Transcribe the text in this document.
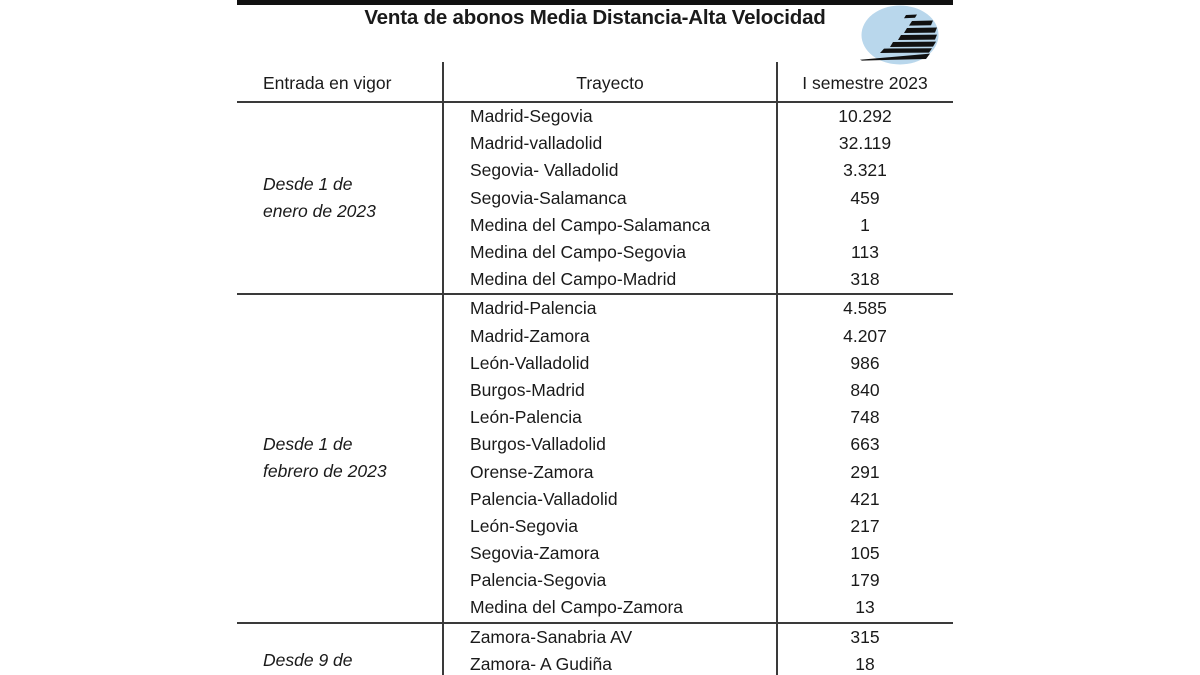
Venta de abonos Media Distancia-Alta Velocidad
Entrada en vigor	Trayecto	I semestre 2023
Desde 1 de
enero de 2023
Madrid-Segovia	10.292
Madrid-valladolid	32.119
Segovia- Valladolid	3.321
Segovia-Salamanca	459
Medina del Campo-Salamanca	1
Medina del Campo-Segovia	113
Medina del Campo-Madrid	318
Desde 1 de
febrero de 2023
Madrid-Palencia	4.585
Madrid-Zamora	4.207
León-Valladolid	986
Burgos-Madrid	840
León-Palencia	748
Burgos-Valladolid	663
Orense-Zamora	291
Palencia-Valladolid	421
León-Segovia	217
Segovia-Zamora	105
Palencia-Segovia	179
Medina del Campo-Zamora	13
Desde 9 de
Zamora-Sanabria AV	315
Zamora- A Gudiña	18
